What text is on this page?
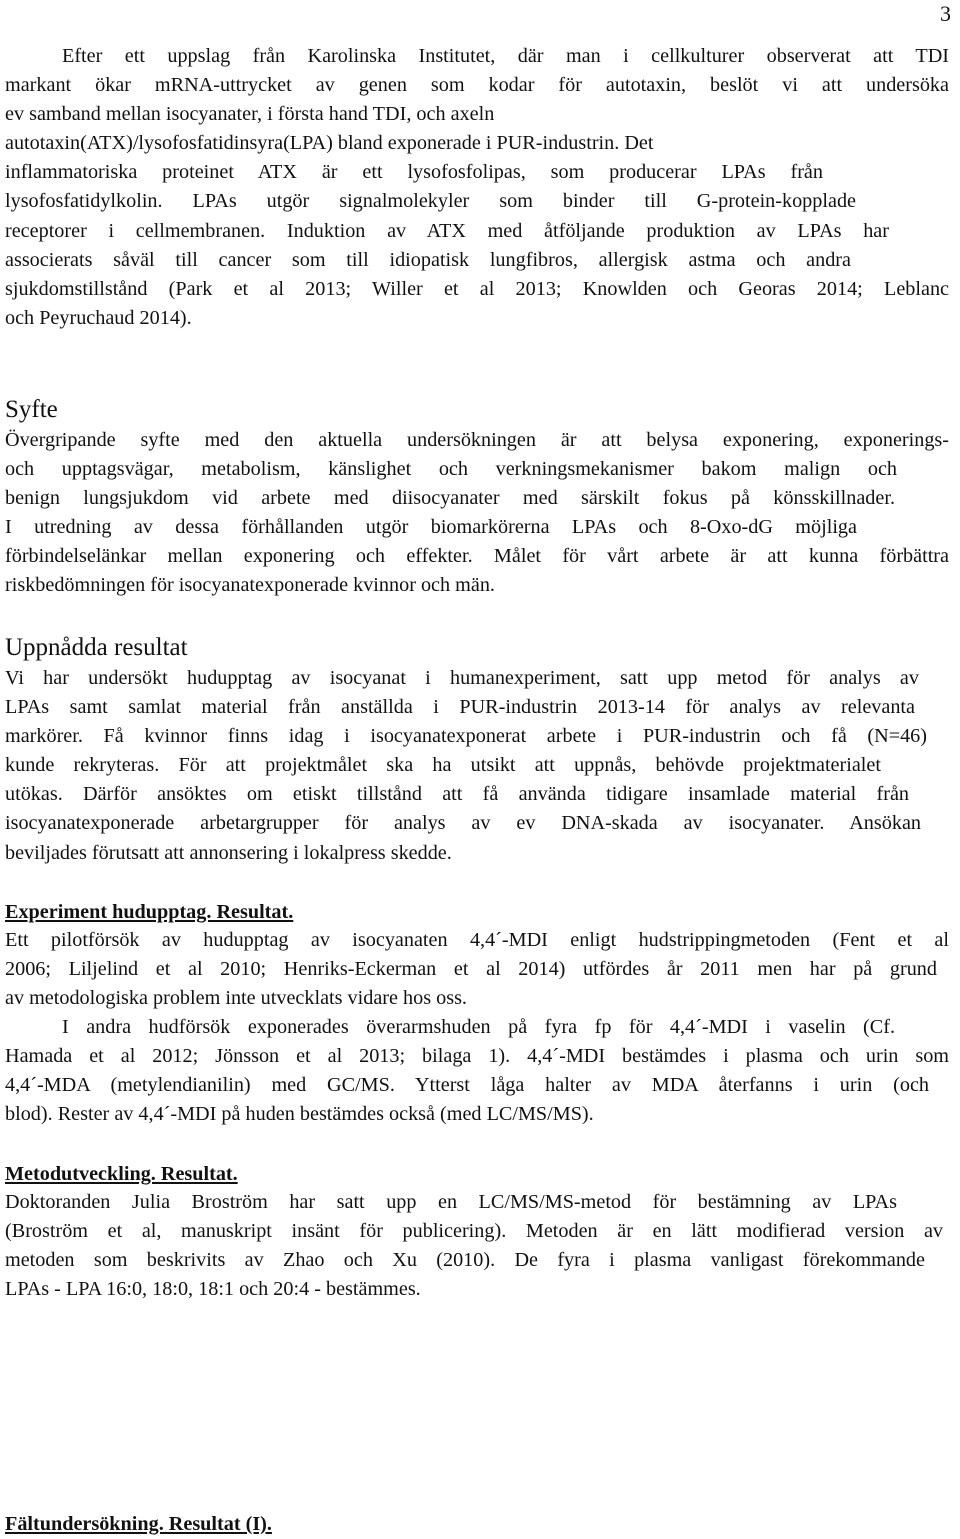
3

Efter ett uppslag från Karolinska Institutet, där man i cellkulturer observerat att TDI
markant ökar mRNA-uttrycket av genen som kodar för autotaxin, beslöt vi att undersöka
ev samband mellan isocyanater, i första hand TDI, och axeln
autotaxin(ATX)/lysofosfatidinsyra(LPA) bland exponerade i PUR-industrin. Det
inflammatoriska proteinet ATX är ett lysofosfolipas, som producerar LPAs från
lysofosfatidylkolin. LPAs utgör signalmolekyler som binder till G-protein-kopplade
receptorer i cellmembranen. Induktion av ATX med åtföljande produktion av LPAs har
associerats såväl till cancer som till idiopatisk lungfibros, allergisk astma och andra
sjukdomstillstånd (Park et al 2013; Willer et al 2013; Knowlden och Georas 2014; Leblanc
och Peyruchaud 2014).

Syfte

Övergripande syfte med den aktuella undersökningen är att belysa exponering, exponerings-
och upptagsvägar, metabolism, känslighet och verkningsmekanismer bakom malign och
benign lungsjukdom vid arbete med diisocyanater med särskilt fokus på könsskillnader.
I utredning av dessa förhållanden utgör biomarkörerna LPAs och 8-Oxo-dG möjliga
förbindelselänkar mellan exponering och effekter. Målet för vårt arbete är att kunna förbättra
riskbedömningen för isocyanatexponerade kvinnor och män.

Uppnådda resultat

Vi har undersökt hudupptag av isocyanat i humanexperiment, satt upp metod för analys av
LPAs samt samlat material från anställda i PUR-industrin 2013-14 för analys av relevanta
markörer. Få kvinnor finns idag i isocyanatexponerat arbete i PUR-industrin och få (N=46)
kunde rekryteras. För att projektmålet ska ha utsikt att uppnås, behövde projektmaterialet
utökas. Därför ansöktes om etiskt tillstånd att få använda tidigare insamlade material från
isocyanatexponerade arbetargrupper för analys av ev DNA-skada av isocyanater. Ansökan
beviljades förutsatt att annonsering i lokalpress skedde.

Experiment hudupptag. Resultat.

Ett pilotförsök av hudupptag av isocyanaten 4,4´-MDI enligt hudstrippingmetoden (Fent et al
2006; Liljelind et al 2010; Henriks-Eckerman et al 2014) utfördes år 2011 men har på grund
av metodologiska problem inte utvecklats vidare hos oss.

I andra hudförsök exponerades överarmshuden på fyra fp för 4,4´-MDI i vaselin (Cf.
Hamada et al 2012; Jönsson et al 2013; bilaga 1). 4,4´-MDI bestämdes i plasma och urin som
4,4´-MDA (metylendianilin) med GC/MS. Ytterst låga halter av MDA återfanns i urin (och
blod). Rester av 4,4´-MDI på huden bestämdes också (med LC/MS/MS).

Metodutveckling. Resultat.

Doktoranden Julia Broström har satt upp en LC/MS/MS-metod för bestämning av LPAs
(Broström et al, manuskript insänt för publicering). Metoden är en lätt modifierad version av
metoden som beskrivits av Zhao och Xu (2010). De fyra i plasma vanligast förekommande
LPAs - LPA 16:0, 18:0, 18:1 och 20:4 - bestämmes.

Fältundersökning. Resultat (I).
